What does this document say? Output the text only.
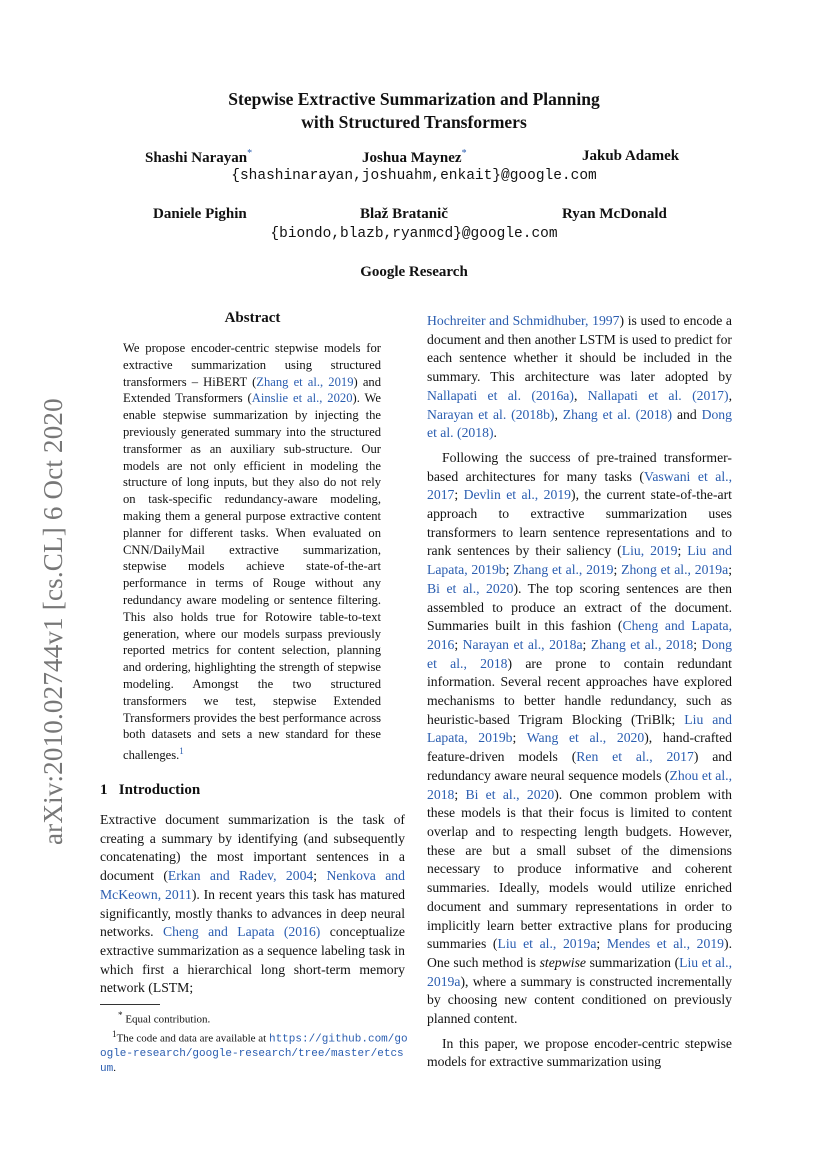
arXiv:2010.02744v1 [cs.CL] 6 Oct 2020
Stepwise Extractive Summarization and Planning
with Structured Transformers
Shashi Narayan*	Joshua Maynez*	Jakub Adamek
{shashinarayan,joshuahm,enkait}@google.com
Daniele Pighin	Blaž Bratanič	Ryan McDonald
{biondo,blazb,ryanmcd}@google.com
Google Research
Abstract
We propose encoder-centric stepwise models for extractive summarization using structured transformers – HiBERT (Zhang et al., 2019) and Extended Transformers (Ainslie et al., 2020). We enable stepwise summarization by injecting the previously generated summary into the structured transformer as an auxiliary sub-structure. Our models are not only efficient in modeling the structure of long inputs, but they also do not rely on task-specific redundancy-aware modeling, making them a general purpose extractive content planner for different tasks. When evaluated on CNN/DailyMail extractive summarization, stepwise models achieve state-of-the-art performance in terms of Rouge without any redundancy aware modeling or sentence filtering. This also holds true for Rotowire table-to-text generation, where our models surpass previously reported metrics for content selection, planning and ordering, highlighting the strength of stepwise modeling. Amongst the two structured transformers we test, stepwise Extended Transformers provides the best performance across both datasets and sets a new standard for these challenges.$^1$
1   Introduction
Extractive document summarization is the task of creating a summary by identifying (and subsequently concatenating) the most important sentences in a document (Erkan and Radev, 2004; Nenkova and McKeown, 2011). In recent years this task has matured significantly, mostly thanks to advances in deep neural networks. Cheng and Lapata (2016) conceptualize extractive summarization as a sequence labeling task in which first a hierarchical long short-term memory network (LSTM;
* Equal contribution.
$^1$The code and data are available at https://github.com/google-research/google-research/tree/master/etcsum.

Hochreiter and Schmidhuber, 1997) is used to encode a document and then another LSTM is used to predict for each sentence whether it should be included in the summary. This architecture was later adopted by Nallapati et al. (2016a), Nallapati et al. (2017), Narayan et al. (2018b), Zhang et al. (2018) and Dong et al. (2018).

Following the success of pre-trained transformer-based architectures for many tasks (Vaswani et al., 2017; Devlin et al., 2019), the current state-of-the-art approach to extractive summarization uses transformers to learn sentence representations and to rank sentences by their saliency (Liu, 2019; Liu and Lapata, 2019b; Zhang et al., 2019; Zhong et al., 2019a; Bi et al., 2020). The top scoring sentences are then assembled to produce an extract of the document. Summaries built in this fashion (Cheng and Lapata, 2016; Narayan et al., 2018a; Zhang et al., 2018; Dong et al., 2018) are prone to contain redundant information. Several recent approaches have explored mechanisms to better handle redundancy, such as heuristic-based Trigram Blocking (TriBlk; Liu and Lapata, 2019b; Wang et al., 2020), hand-crafted feature-driven models (Ren et al., 2017) and redundancy aware neural sequence models (Zhou et al., 2018; Bi et al., 2020). One common problem with these models is that their focus is limited to content overlap and to respecting length budgets. However, these are but a small subset of the dimensions necessary to produce informative and coherent summaries. Ideally, models would utilize enriched document and summary representations in order to implicitly learn better extractive plans for producing summaries (Liu et al., 2019a; Mendes et al., 2019). One such method is stepwise summarization (Liu et al., 2019a), where a summary is constructed incrementally by choosing new content conditioned on previously planned content.

In this paper, we propose encoder-centric stepwise models for extractive summarization using
